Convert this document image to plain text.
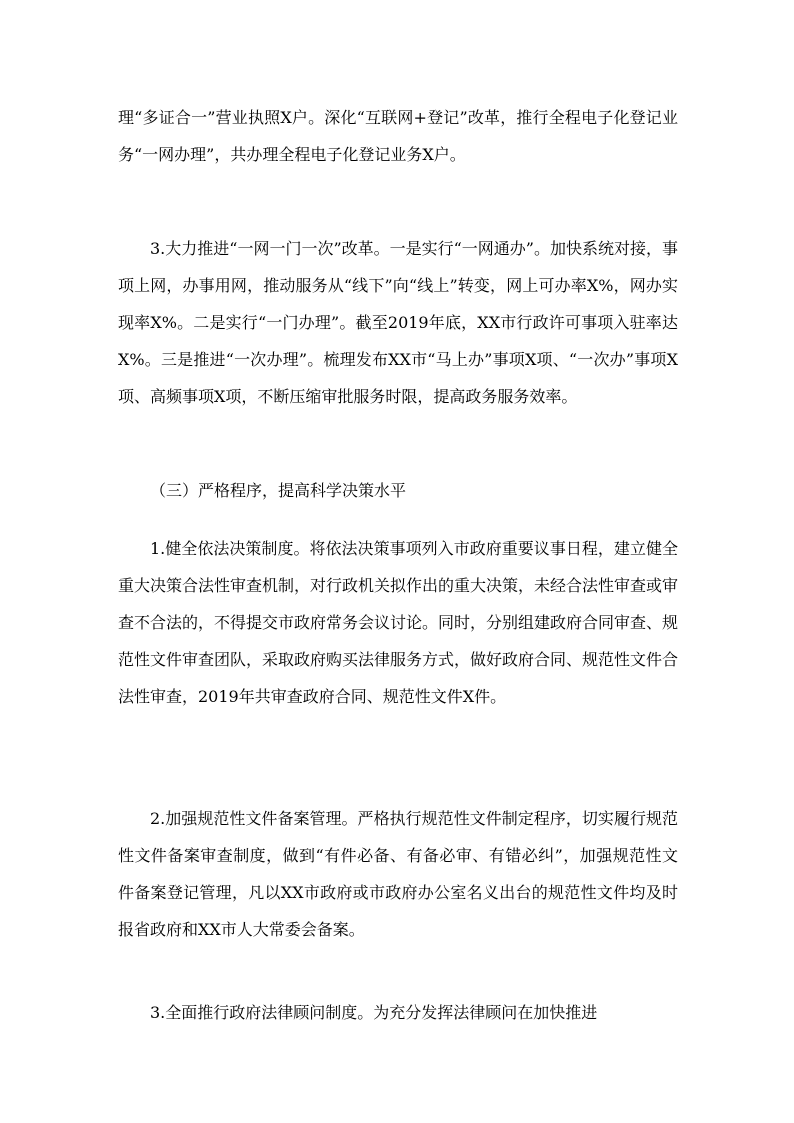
理“多证合一”营业执照X户。深化“互联网+登记”改革，推行全程电子化登记业务“一网办理”，共办理全程电子化登记业务X户。

3.大力推进“一网一门一次”改革。一是实行“一网通办”。加快系统对接，事项上网，办事用网，推动服务从“线下”向“线上”转变，网上可办率X%，网办实现率X%。二是实行“一门办理”。截至2019年底，XX市行政许可事项入驻率达X%。三是推进“一次办理”。梳理发布XX市“马上办”事项X项、“一次办”事项X项、高频事项X项，不断压缩审批服务时限，提高政务服务效率。

（三）严格程序，提高科学决策水平

1.健全依法决策制度。将依法决策事项列入市政府重要议事日程，建立健全重大决策合法性审查机制，对行政机关拟作出的重大决策，未经合法性审查或审查不合法的，不得提交市政府常务会议讨论。同时，分别组建政府合同审查、规范性文件审查团队，采取政府购买法律服务方式，做好政府合同、规范性文件合法性审查，2019年共审查政府合同、规范性文件X件。

2.加强规范性文件备案管理。严格执行规范性文件制定程序，切实履行规范性文件备案审查制度，做到“有件必备、有备必审、有错必纠”，加强规范性文件备案登记管理，凡以XX市政府或市政府办公室名义出台的规范性文件均及时报省政府和XX市人大常委会备案。

3.全面推行政府法律顾问制度。为充分发挥法律顾问在加快推进
